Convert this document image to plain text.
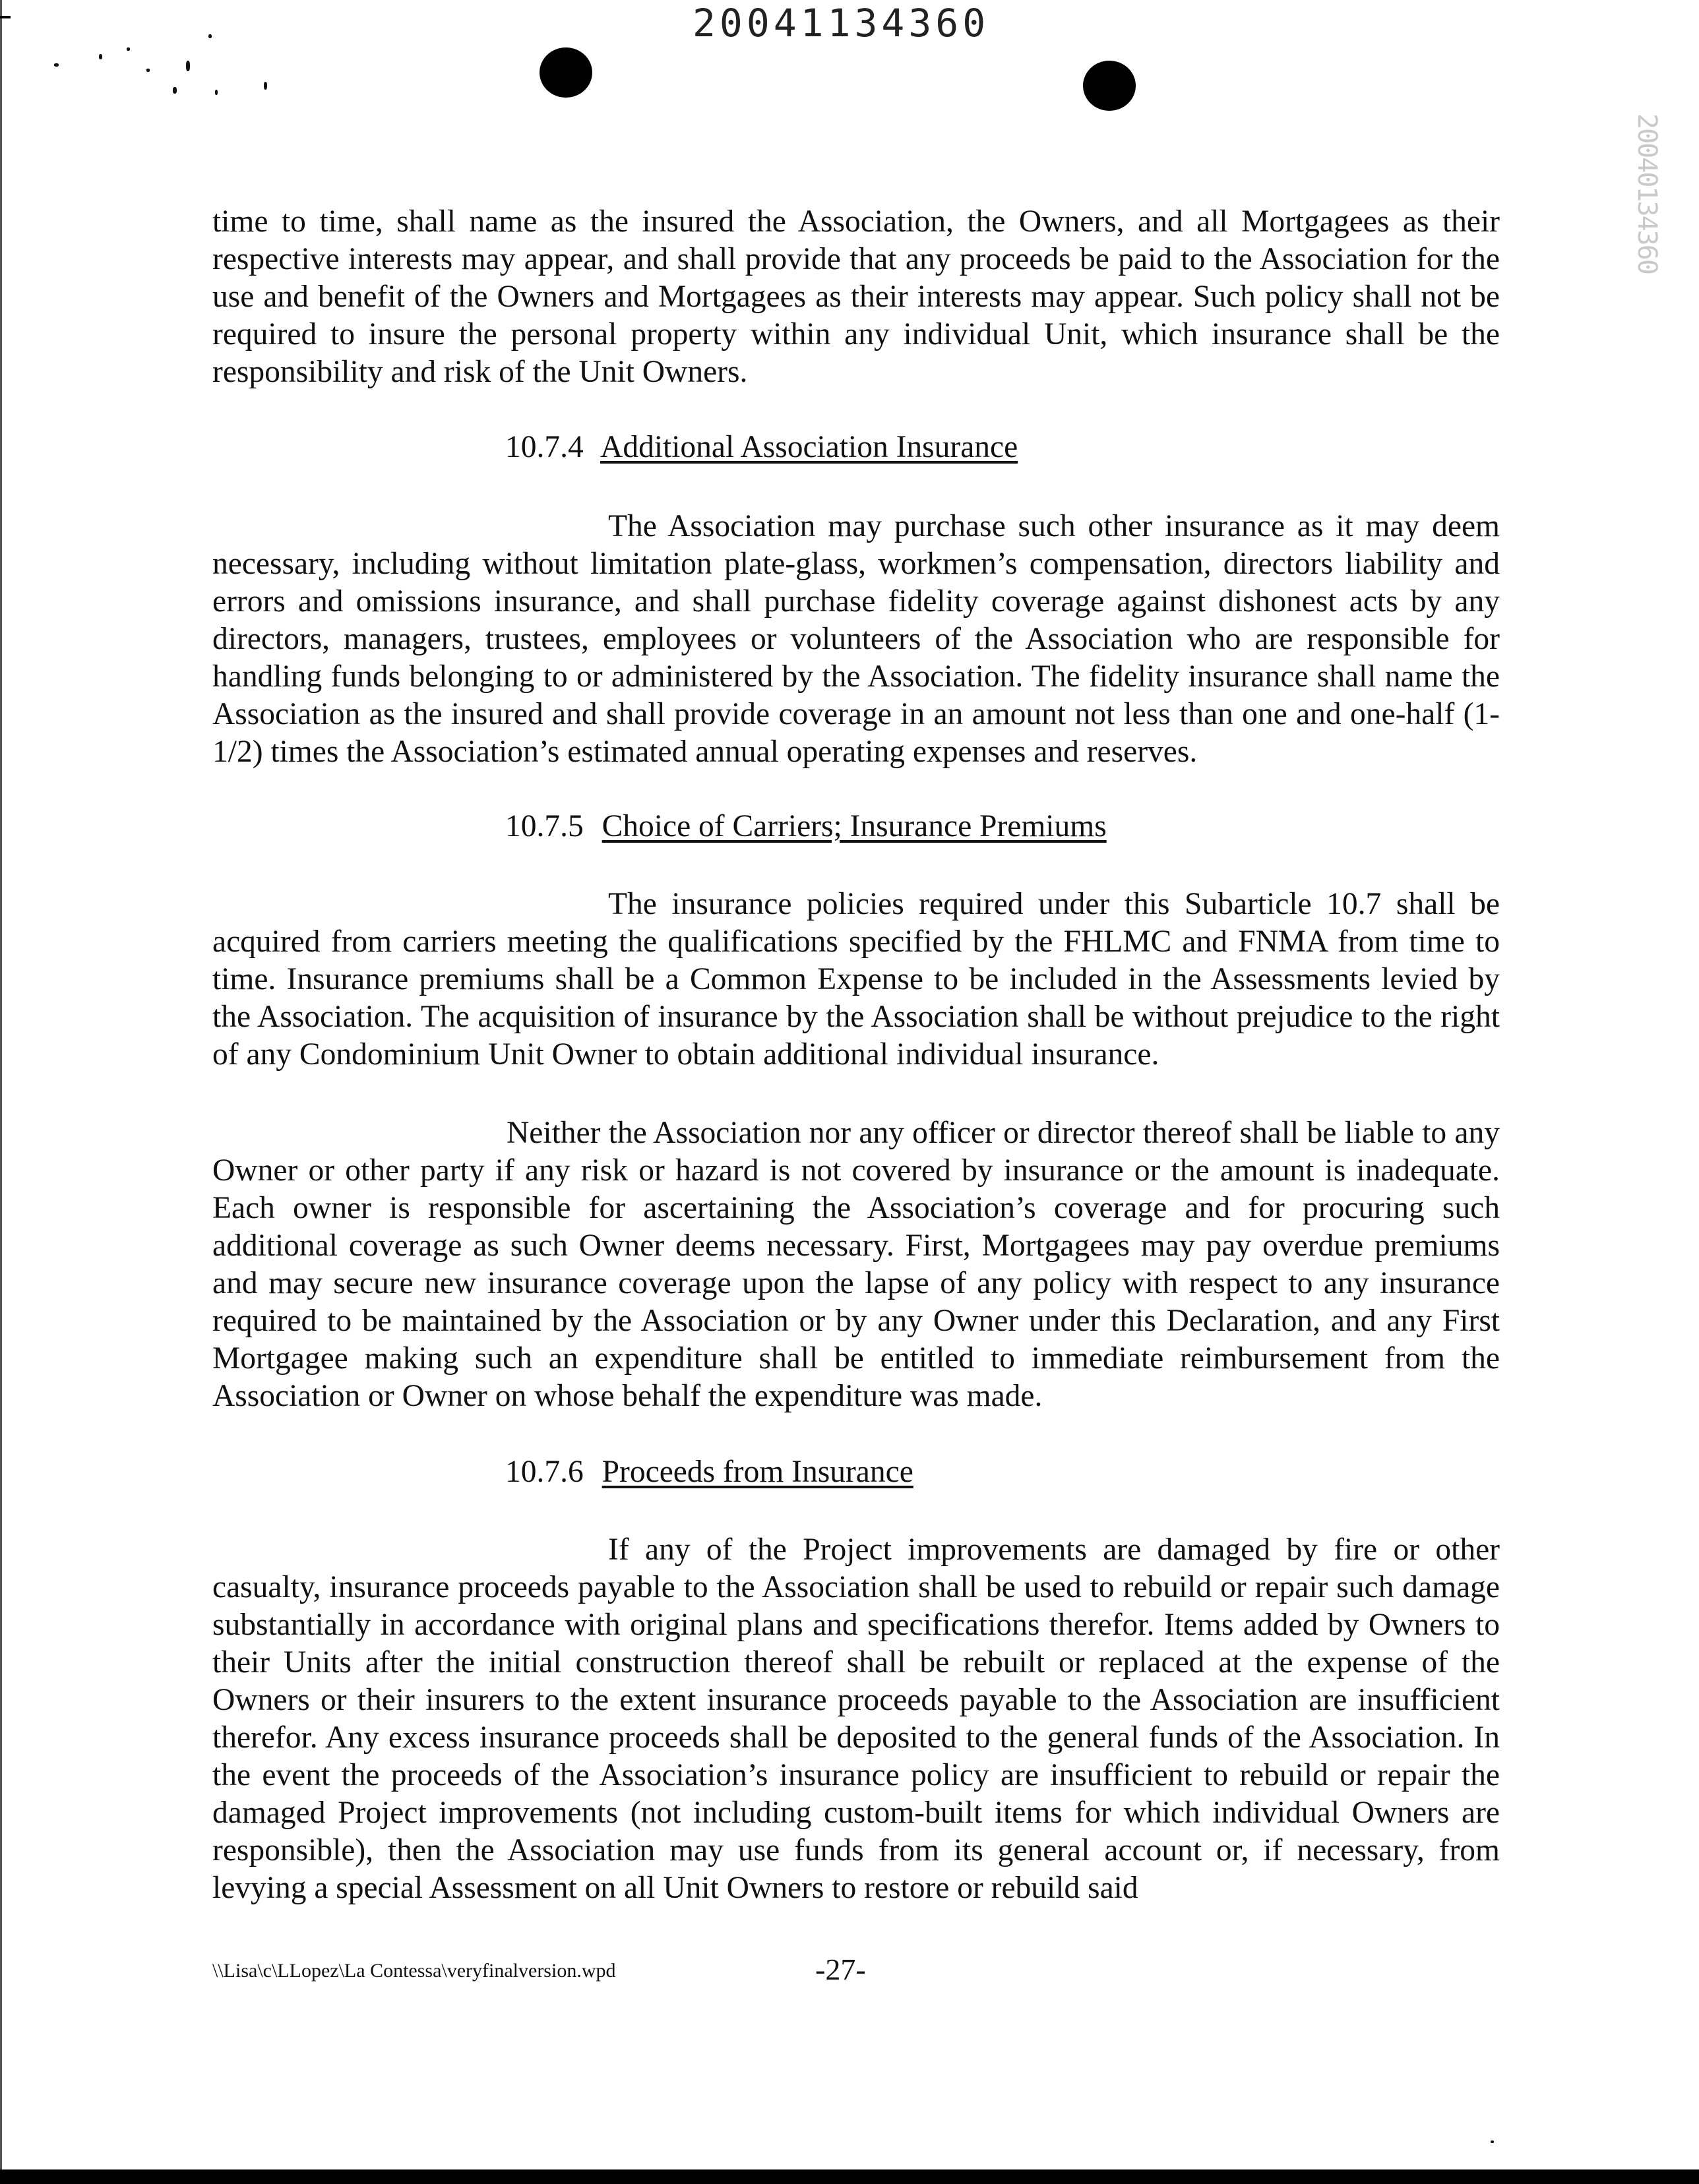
20041134360
20040134360

time to time, shall name as the insured the Association, the Owners, and all Mortgagees as their respective interests may appear, and shall provide that any proceeds be paid to the Association for the use and benefit of the Owners and Mortgagees as their interests may appear. Such policy shall not be required to insure the personal property within any individual Unit, which insurance shall be the responsibility and risk of the Unit Owners.

10.7.4 Additional Association Insurance

The Association may purchase such other insurance as it may deem necessary, including without limitation plate-glass, workmen’s compensation, directors liability and errors and omissions insurance, and shall purchase fidelity coverage against dishonest acts by any directors, managers, trustees, employees or volunteers of the Association who are responsible for handling funds belonging to or administered by the Association. The fidelity insurance shall name the Association as the insured and shall provide coverage in an amount not less than one and one-half (1-1/2) times the Association’s estimated annual operating expenses and reserves.

10.7.5 Choice of Carriers; Insurance Premiums

The insurance policies required under this Subarticle 10.7 shall be acquired from carriers meeting the qualifications specified by the FHLMC and FNMA from time to time. Insurance premiums shall be a Common Expense to be included in the Assessments levied by the Association. The acquisition of insurance by the Association shall be without prejudice to the right of any Condominium Unit Owner to obtain additional individual insurance.

Neither the Association nor any officer or director thereof shall be liable to any Owner or other party if any risk or hazard is not covered by insurance or the amount is inadequate. Each owner is responsible for ascertaining the Association’s coverage and for procuring such additional coverage as such Owner deems necessary. First, Mortgagees may pay overdue premiums and may secure new insurance coverage upon the lapse of any policy with respect to any insurance required to be maintained by the Association or by any Owner under this Declaration, and any First Mortgagee making such an expenditure shall be entitled to immediate reimbursement from the Association or Owner on whose behalf the expenditure was made.

10.7.6 Proceeds from Insurance

If any of the Project improvements are damaged by fire or other casualty, insurance proceeds payable to the Association shall be used to rebuild or repair such damage substantially in accordance with original plans and specifications therefor. Items added by Owners to their Units after the initial construction thereof shall be rebuilt or replaced at the expense of the Owners or their insurers to the extent insurance proceeds payable to the Association are insufficient therefor. Any excess insurance proceeds shall be deposited to the general funds of the Association. In the event the proceeds of the Association’s insurance policy are insufficient to rebuild or repair the damaged Project improvements (not including custom-built items for which individual Owners are responsible), then the Association may use funds from its general account or, if necessary, from levying a special Assessment on all Unit Owners to restore or rebuild said

\\Lisa\c\LLopez\La Contessa\veryfinalversion.wpd	-27-
